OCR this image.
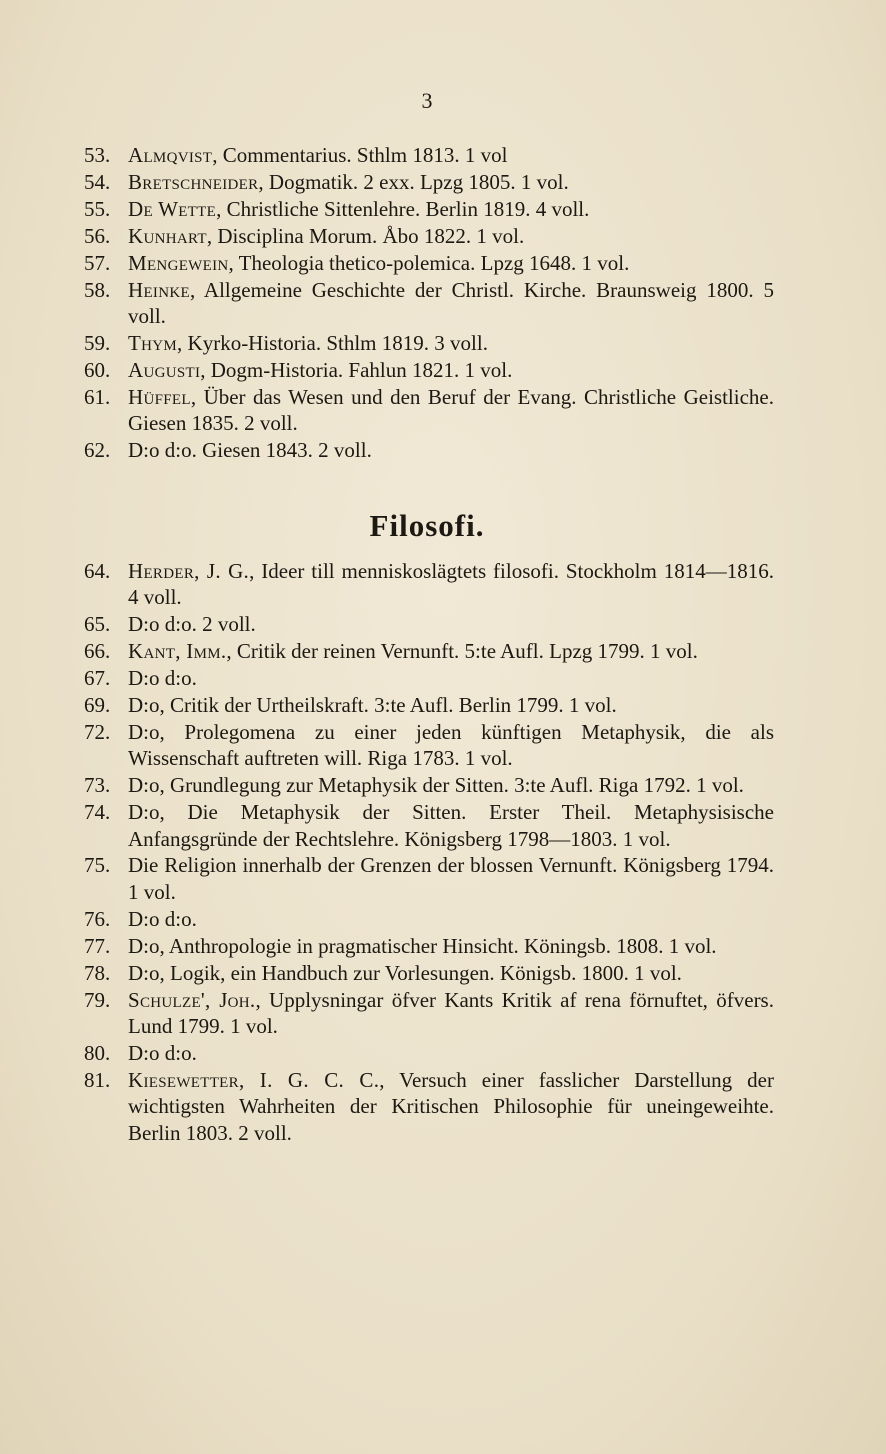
3
53. Almqvist, Commentarius. Sthlm 1813. 1 vol
54. Bretschneider, Dogmatik. 2 exx. Lpzg 1805. 1 vol.
55. De Wette, Christliche Sittenlehre. Berlin 1819. 4 voll.
56. Kunhart, Disciplina Morum. Åbo 1822. 1 vol.
57. Mengewein, Theologia thetico-polemica. Lpzg 1648. 1 vol.
58. Heinke, Allgemeine Geschichte der Christl. Kirche. Braunsweig 1800. 5 voll.
59. Thym, Kyrko-Historia. Sthlm 1819. 3 voll.
60. Augusti, Dogm-Historia. Fahlun 1821. 1 vol.
61. Hüffel, Über das Wesen und den Beruf der Evang. Christliche Geistliche. Giesen 1835. 2 voll.
62. D:o d:o. Giesen 1843. 2 voll.
Filosofi.
64. Herder, J. G., Ideer till menniskoslägtets filosofi. Stockholm 1814—1816. 4 voll.
65. D:o d:o. 2 voll.
66. Kant, Imm., Critik der reinen Vernunft. 5:te Aufl. Lpzg 1799. 1 vol.
67. D:o d:o.
69. D:o, Critik der Urtheilskraft. 3:te Aufl. Berlin 1799. 1 vol.
72. D:o, Prolegomena zu einer jeden künftigen Metaphysik, die als Wissenschaft auftreten will. Riga 1783. 1 vol.
73. D:o, Grundlegung zur Metaphysik der Sitten. 3:te Aufl. Riga 1792. 1 vol.
74. D:o, Die Metaphysik der Sitten. Erster Theil. Metaphysisische Anfangsgründe der Rechtslehre. Königsberg 1798—1803. 1 vol.
75. Die Religion innerhalb der Grenzen der blossen Vernunft. Königsberg 1794. 1 vol.
76. D:o d:o.
77. D:o, Anthropologie in pragmatischer Hinsicht. Köningsb. 1808. 1 vol.
78. D:o, Logik, ein Handbuch zur Vorlesungen. Königsb. 1800. 1 vol.
79. Schulze', Joh., Upplysningar öfver Kants Kritik af rena förnuftet, öfvers. Lund 1799. 1 vol.
80. D:o d:o.
81. Kiesewetter, I. G. C. C., Versuch einer fasslicher Darstellung der wichtigsten Wahrheiten der Kritischen Philosophie für uneingeweihte. Berlin 1803. 2 voll.
